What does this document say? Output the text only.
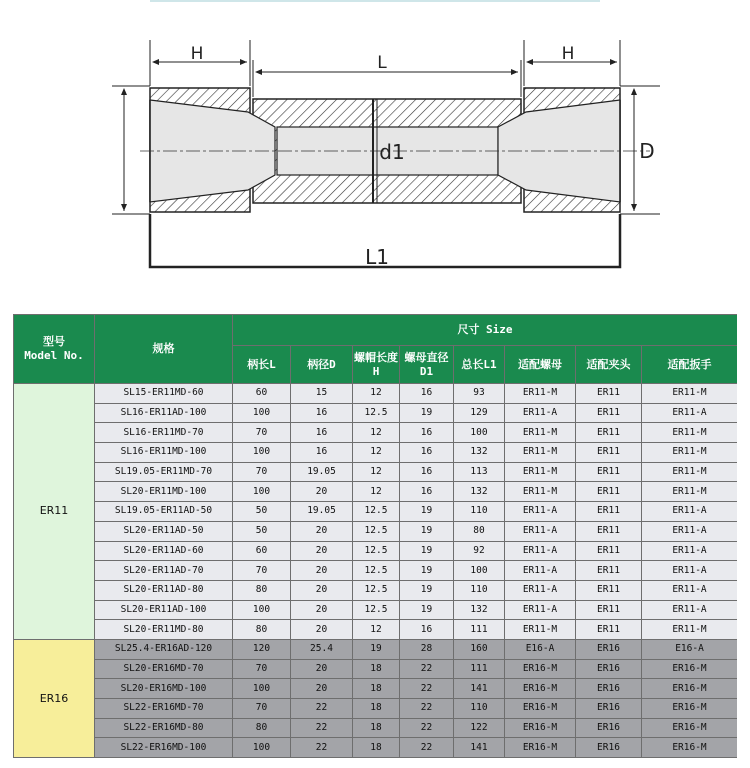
H	L	H
d1	D
L1
型号
Model No.	规格	尺寸 Size							
		柄长L	柄径D	螺帽长度H	螺母直径D1	总长L1	适配螺母	适配夹头	适配扳手
ER11	SL15-ER11MD-60	60	15	12	16	93	ER11-M	ER11	ER11-M
	SL16-ER11AD-100	100	16	12.5	19	129	ER11-A	ER11	ER11-A
	SL16-ER11MD-70	70	16	12	16	100	ER11-M	ER11	ER11-M
	SL16-ER11MD-100	100	16	12	16	132	ER11-M	ER11	ER11-M
	SL19.05-ER11MD-70	70	19.05	12	16	113	ER11-M	ER11	ER11-M
	SL20-ER11MD-100	100	20	12	16	132	ER11-M	ER11	ER11-M
	SL19.05-ER11AD-50	50	19.05	12.5	19	110	ER11-A	ER11	ER11-A
	SL20-ER11AD-50	50	20	12.5	19	80	ER11-A	ER11	ER11-A
	SL20-ER11AD-60	60	20	12.5	19	92	ER11-A	ER11	ER11-A
	SL20-ER11AD-70	70	20	12.5	19	100	ER11-A	ER11	ER11-A
	SL20-ER11AD-80	80	20	12.5	19	110	ER11-A	ER11	ER11-A
	SL20-ER11AD-100	100	20	12.5	19	132	ER11-A	ER11	ER11-A
	SL20-ER11MD-80	80	20	12	16	111	ER11-M	ER11	ER11-M
ER16	SL25.4-ER16AD-120	120	25.4	19	28	160	E16-A	ER16	E16-A
	SL20-ER16MD-70	70	20	18	22	111	ER16-M	ER16	ER16-M
	SL20-ER16MD-100	100	20	18	22	141	ER16-M	ER16	ER16-M
	SL22-ER16MD-70	70	22	18	22	110	ER16-M	ER16	ER16-M
	SL22-ER16MD-80	80	22	18	22	122	ER16-M	ER16	ER16-M
	SL22-ER16MD-100	100	22	18	22	141	ER16-M	ER16	ER16-M
